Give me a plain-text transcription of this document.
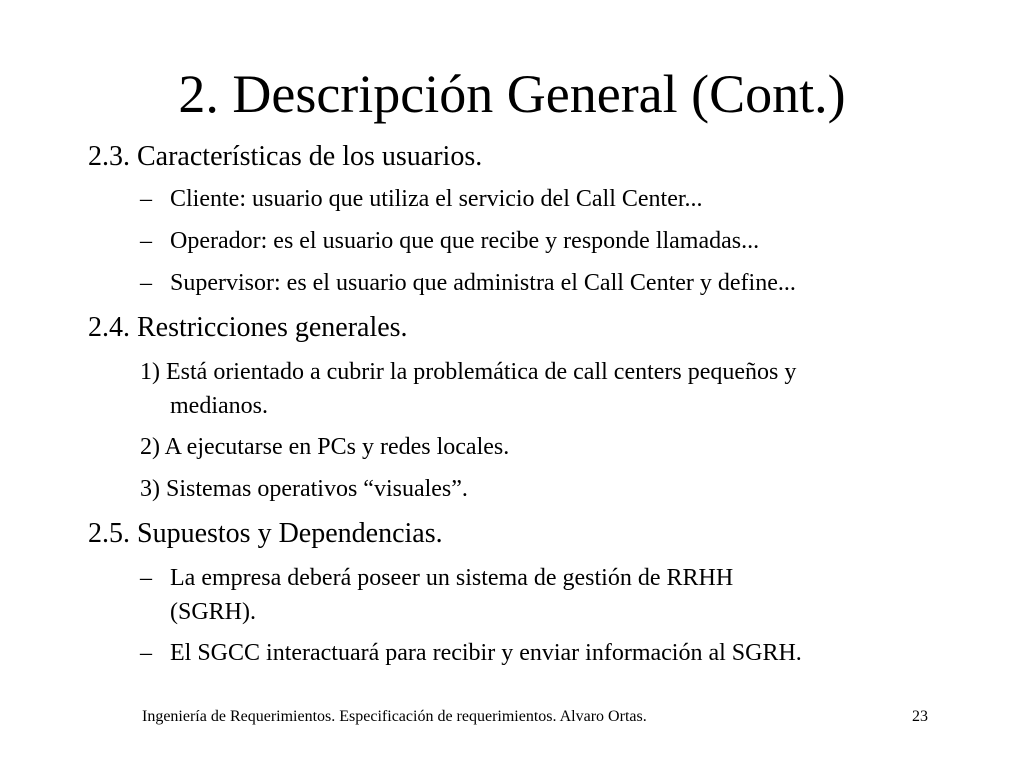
2. Descripción General (Cont.)
2.3. Características de los usuarios.
– Cliente: usuario que utiliza el servicio del Call Center...
– Operador: es el usuario que que recibe y responde llamadas...
– Supervisor: es el usuario que administra el Call Center y define...
2.4. Restricciones generales.
1) Está orientado a cubrir la problemática de call centers pequeños y
medianos.
2) A ejecutarse en PCs y redes locales.
3) Sistemas operativos “visuales”.
2.5. Supuestos y Dependencias.
– La empresa deberá poseer un sistema de gestión de RRHH
(SGRH).
– El SGCC interactuará para recibir y enviar información al SGRH.
Ingeniería de Requerimientos. Especificación de requerimientos. Alvaro Ortas.	23
